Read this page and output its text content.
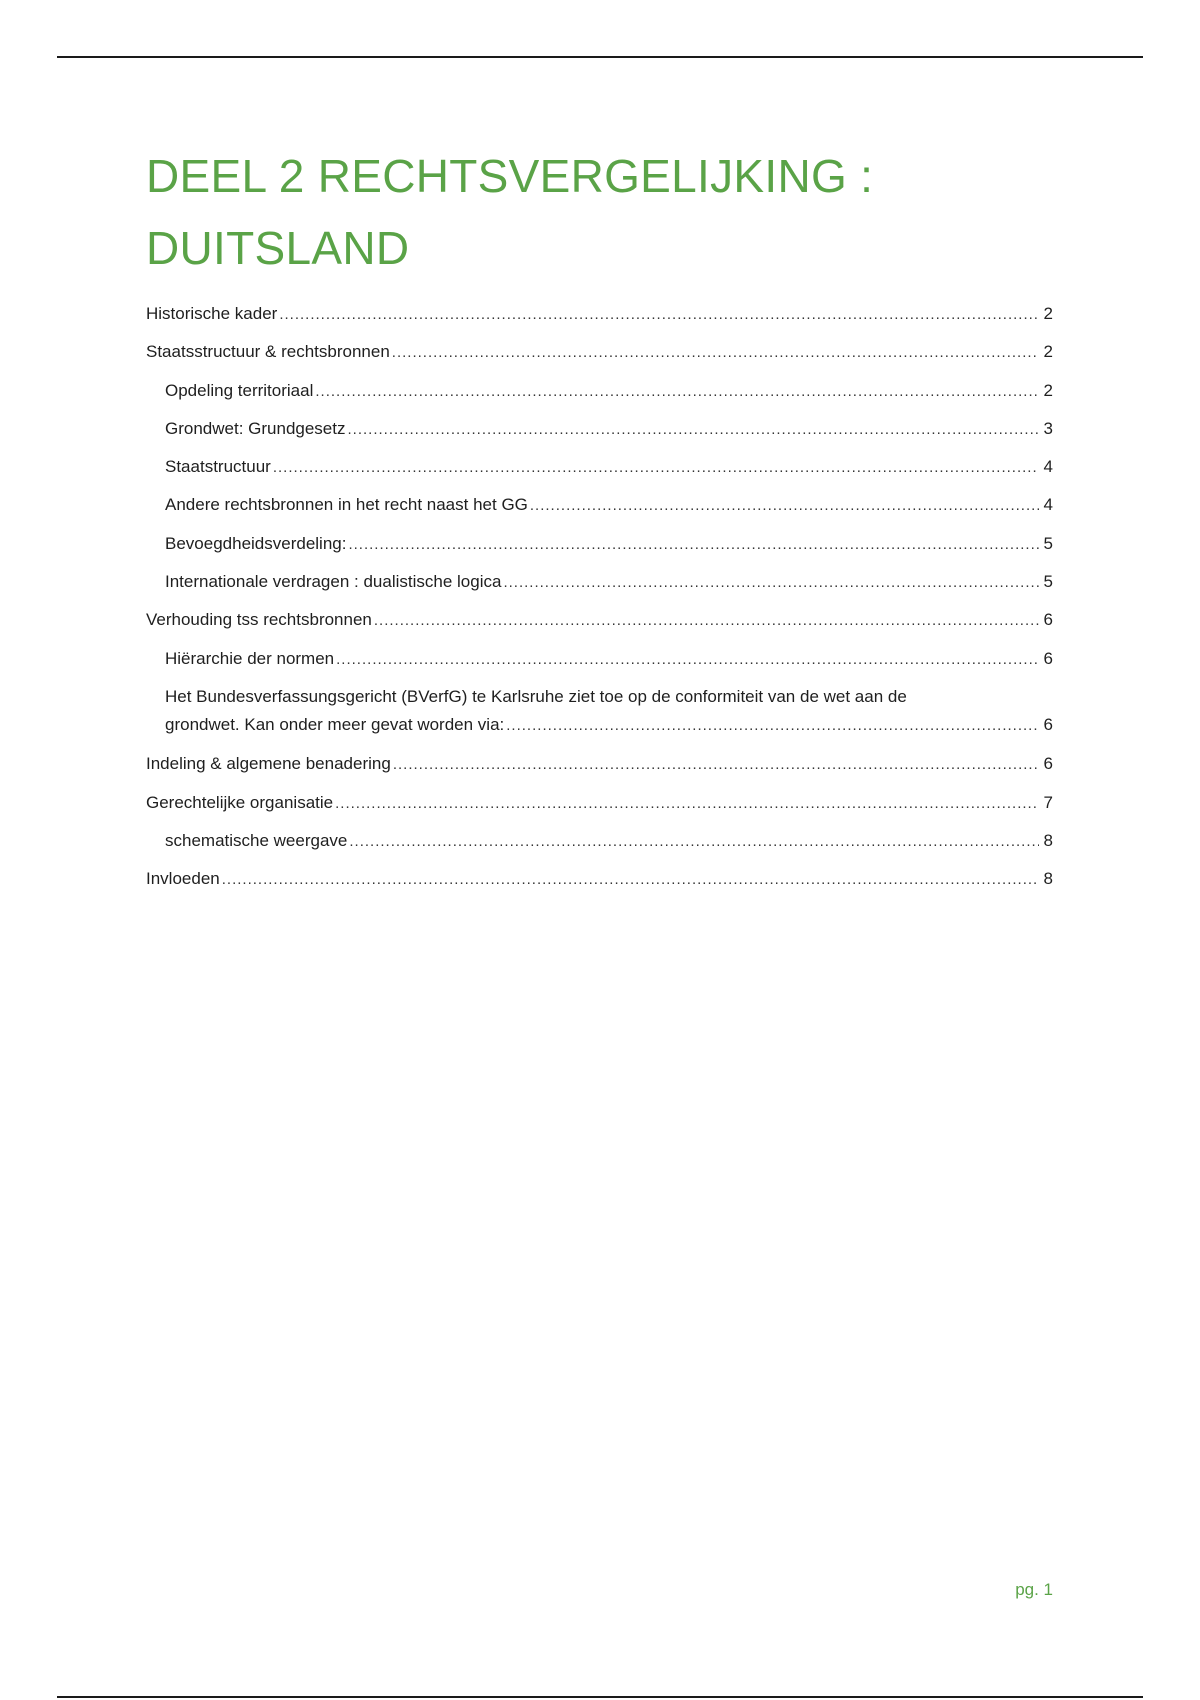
DEEL 2 RECHTSVERGELIJKING :
DUITSLAND
Historische kader .....	2
Staatsstructuur & rechtsbronnen .....	2
Opdeling territoriaal .....	2
Grondwet: Grundgesetz .....	3
Staatstructuur .....	4
Andere rechtsbronnen in het recht naast het GG .....	4
Bevoegdheidsverdeling: .....	5
Internationale verdragen : dualistische logica .....	5
Verhouding tss rechtsbronnen .....	6
Hiërarchie der normen .....	6
Het Bundesverfassungsgericht (BVerfG) te Karlsruhe ziet toe op de conformiteit van de wet aan de
grondwet. Kan onder meer gevat worden via: .....	6
Indeling & algemene benadering .....	6
Gerechtelijke organisatie .....	7
schematische weergave .....	8
Invloeden .....	8
pg. 1
